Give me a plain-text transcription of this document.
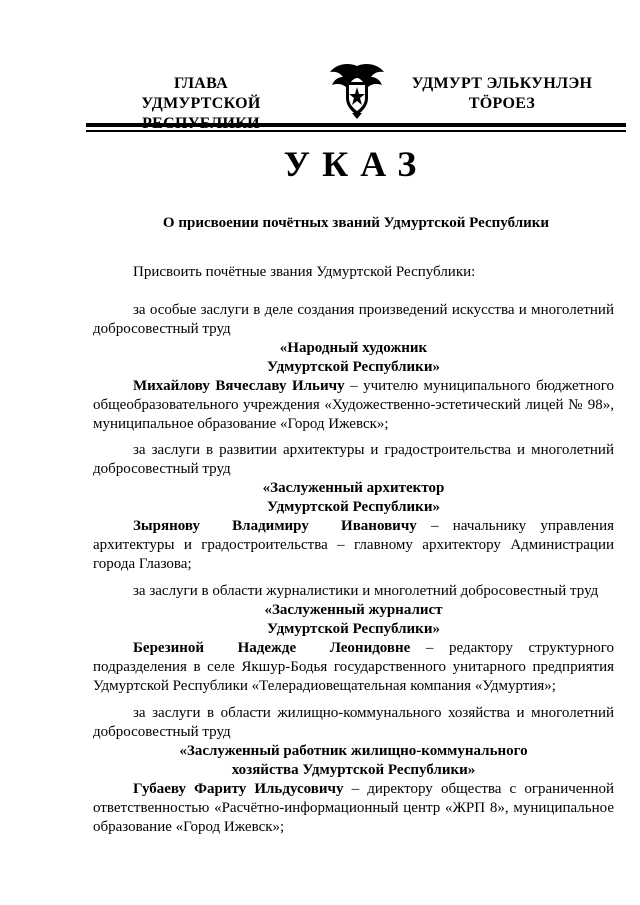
ГЛАВА
УДМУРТСКОЙ
УДМУРТ ЭЛЬКУНЛЭН
ТÖРОЕЗ
УКАЗ
О присвоении почётных званий Удмуртской Республики

Присвоить почётные звания Удмуртской Республики:

за особые заслуги в деле создания произведений искусства и многолетний добросовестный труд

«Народный художник

Удмуртской Республики»

Михайлову Вячеславу Ильичу – учителю муниципального бюджетного общеобразовательного учреждения «Художественно-эстетический лицей № 98», муниципальное образование «Город Ижевск»;

за заслуги в развитии архитектуры и градостроительства и многолетний добросовестный труд

«Заслуженный архитектор

Удмуртской Республики»

Зырянову Владимиру Ивановичу – начальнику управления архитектуры и градостроительства – главному архитектору Администрации города Глазова;

за заслуги в области журналистики и многолетний добросовестный труд

«Заслуженный журналист

Удмуртской Республики»

Березиной Надежде Леонидовне – редактору структурного подразделения в селе Якшур-Бодья государственного унитарного предприятия Удмуртской Республики «Телерадиовещательная компания «Удмуртия»;

за заслуги в области жилищно-коммунального хозяйства и многолетний добросовестный труд

«Заслуженный работник жилищно-коммунального

хозяйства Удмуртской Республики»

Губаеву Фариту Ильдусовичу – директору общества с ограниченной ответственностью «Расчётно-информационный центр «ЖРП 8», муниципальное образование «Город Ижевск»;
